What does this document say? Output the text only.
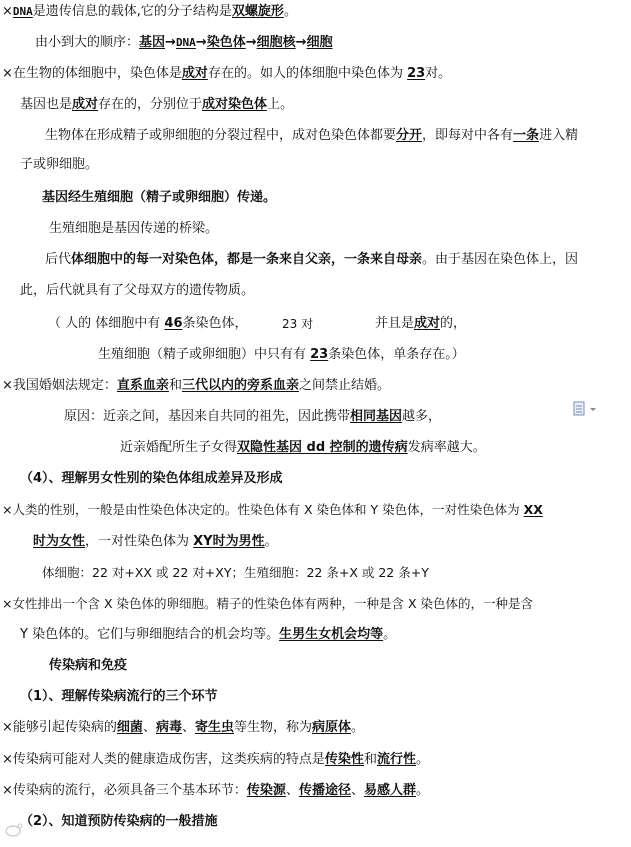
×DNA是遗传信息的载体,它的分子结构是双螺旋形。
由小到大的顺序：基因→DNA→染色体→细胞核→细胞
×在生物的体细胞中，染色体是成对存在的。如人的体细胞中染色体为 23对。
基因也是成对存在的，分别位于成对染色体上。
生物体在形成精子或卵细胞的分裂过程中，成对色染色体都要分开，即每对中各有一条进入精
子或卵细胞。
基因经生殖细胞（精子或卵细胞）传递。
生殖细胞是基因传递的桥梁。
后代体细胞中的每一对染色体，都是一条来自父亲，一条来自母亲。由于基因在染色体上，因
此，后代就具有了父母双方的遗传物质。
（ 人的 体细胞中有 46条染色体，	23 对	并且是成对的，
生殖细胞（精子或卵细胞）中只有有 23条染色体，单条存在。）
×我国婚姻法规定：直系血亲和三代以内的旁系血亲之间禁止结婚。
原因：近亲之间，基因来自共同的祖先，因此携带相同基因越多，
近亲婚配所生子女得双隐性基因 dd 控制的遗传病发病率越大。
（4）、理解男女性别的染色体组成差异及形成
×人类的性别，一般是由性染色体决定的。性染色体有 X 染色体和 Y 染色体，一对性染色体为 XX
时为女性，一对性染色体为 XY时为男性。
体细胞：22 对+XX 或 22 对+XY；生殖细胞：22 条+X 或 22 条+Y
×女性排出一个含 X 染色体的卵细胞。精子的性染色体有两种，一种是含 X 染色体的，一种是含
Y 染色体的。它们与卵细胞结合的机会均等。生男生女机会均等。
传染病和免疫
（1）、理解传染病流行的三个环节
×能够引起传染病的细菌、病毒、寄生虫等生物，称为病原体。
×传染病可能对人类的健康造成伤害，这类疾病的特点是传染性和流行性。
×传染病的流行，必须具备三个基本环节：传染源、传播途径、易感人群。
（2）、知道预防传染病的一般措施
